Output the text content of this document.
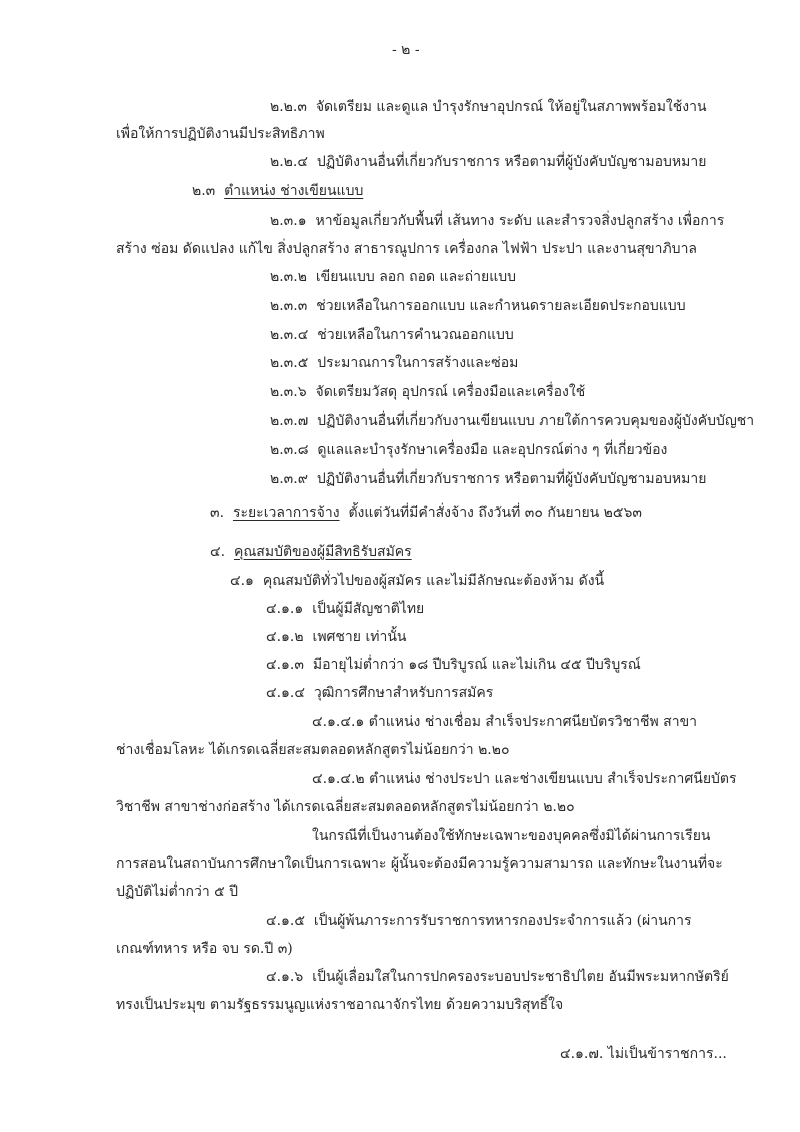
- ๒ -
๒.๒.๓ จัดเตรียม และดูแล บำรุงรักษาอุปกรณ์ ให้อยู่ในสภาพพร้อมใช้งาน
เพื่อให้การปฏิบัติงานมีประสิทธิภาพ
๒.๒.๔ ปฏิบัติงานอื่นที่เกี่ยวกับราชการ หรือตามที่ผู้บังคับบัญชามอบหมาย
๒.๓ ตำแหน่ง ช่างเขียนแบบ
๒.๓.๑ หาข้อมูลเกี่ยวกับพื้นที่ เส้นทาง ระดับ และสำรวจสิ่งปลูกสร้าง เพื่อการ
สร้าง ซ่อม ดัดแปลง แก้ไข สิ่งปลูกสร้าง สาธารณูปการ เครื่องกล ไฟฟ้า ประปา และงานสุขาภิบาล
๒.๓.๒ เขียนแบบ ลอก ถอด และถ่ายแบบ
๒.๓.๓ ช่วยเหลือในการออกแบบ และกำหนดรายละเอียดประกอบแบบ
๒.๓.๔ ช่วยเหลือในการคำนวณออกแบบ
๒.๓.๕ ประมาณการในการสร้างและซ่อม
๒.๓.๖ จัดเตรียมวัสดุ อุปกรณ์ เครื่องมือและเครื่องใช้
๒.๓.๗ ปฏิบัติงานอื่นที่เกี่ยวกับงานเขียนแบบ ภายใต้การควบคุมของผู้บังคับบัญชา
๒.๓.๘ ดูแลและบำรุงรักษาเครื่องมือ และอุปกรณ์ต่าง ๆ ที่เกี่ยวข้อง
๒.๓.๙ ปฏิบัติงานอื่นที่เกี่ยวกับราชการ หรือตามที่ผู้บังคับบัญชามอบหมาย
๓. ระยะเวลาการจ้าง ตั้งแต่วันที่มีคำสั่งจ้าง ถึงวันที่ ๓๐ กันยายน ๒๕๖๓
๔. คุณสมบัติของผู้มีสิทธิรับสมัคร
๔.๑ คุณสมบัติทั่วไปของผู้สมัคร และไม่มีลักษณะต้องห้าม ดังนี้
๔.๑.๑ เป็นผู้มีสัญชาติไทย
๔.๑.๒ เพศชาย เท่านั้น
๔.๑.๓ มีอายุไม่ต่ำกว่า ๑๘ ปีบริบูรณ์ และไม่เกิน ๔๕ ปีบริบูรณ์
๔.๑.๔ วุฒิการศึกษาสำหรับการสมัคร
๔.๑.๔.๑ ตำแหน่ง ช่างเชื่อม สำเร็จประกาศนียบัตรวิชาชีพ สาขา
ช่างเชื่อมโลหะ ได้เกรดเฉลี่ยสะสมตลอดหลักสูตรไม่น้อยกว่า ๒.๒๐
๔.๑.๔.๒ ตำแหน่ง ช่างประปา และช่างเขียนแบบ สำเร็จประกาศนียบัตร
วิชาชีพ สาขาช่างก่อสร้าง ได้เกรดเฉลี่ยสะสมตลอดหลักสูตรไม่น้อยกว่า ๒.๒๐
ในกรณีที่เป็นงานต้องใช้ทักษะเฉพาะของบุคคลซึ่งมิได้ผ่านการเรียน
การสอนในสถาบันการศึกษาใดเป็นการเฉพาะ ผู้นั้นจะต้องมีความรู้ความสามารถ และทักษะในงานที่จะ
ปฏิบัติไม่ต่ำกว่า ๕ ปี
๔.๑.๕ เป็นผู้พ้นภาระการรับราชการทหารกองประจำการแล้ว (ผ่านการ
เกณฑ์ทหาร หรือ จบ รด.ปี ๓)
๔.๑.๖ เป็นผู้เลื่อมใสในการปกครองระบอบประชาธิปไตย อันมีพระมหากษัตริย์
ทรงเป็นประมุข ตามรัฐธรรมนูญแห่งราชอาณาจักรไทย ด้วยความบริสุทธิ์ใจ
๔.๑.๗. ไม่เป็นข้าราชการ...
